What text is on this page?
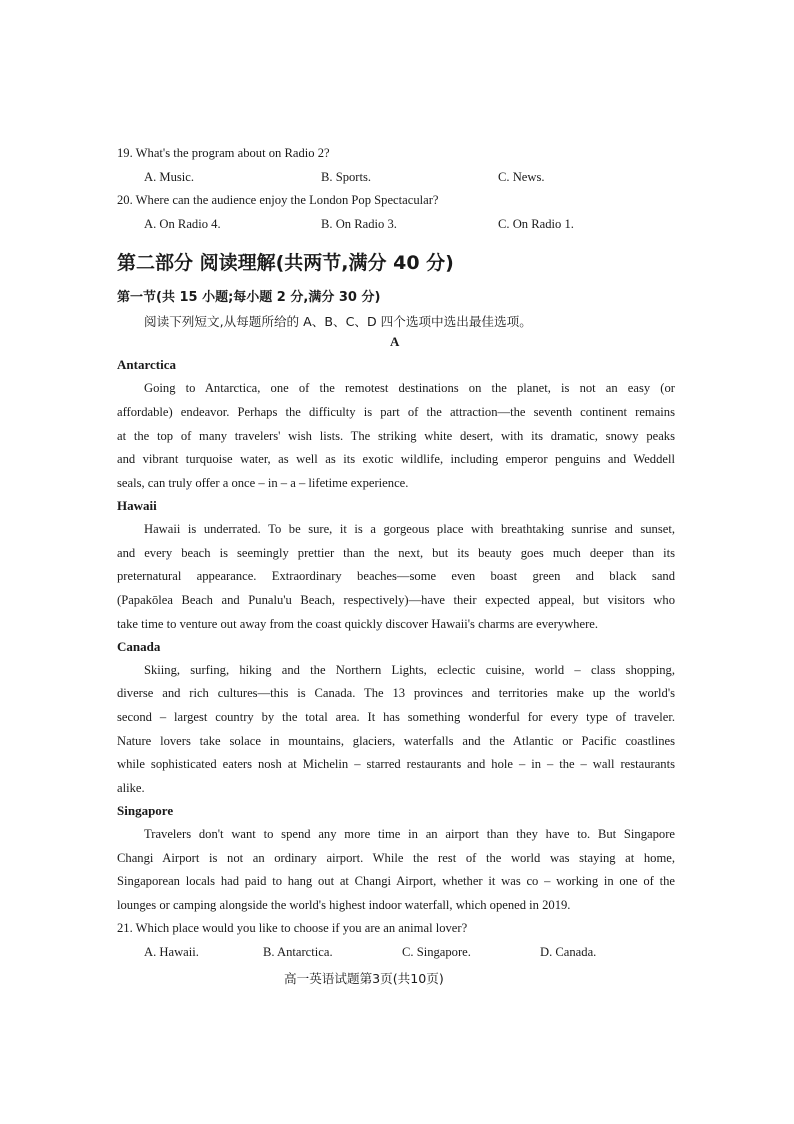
19. What's the program about on Radio 2?
A. Music.	B. Sports.	C. News.
20. Where can the audience enjoy the London Pop Spectacular?
A. On Radio 4.	B. On Radio 3.	C. On Radio 1.
第二部分 阅读理解(共两节,满分 40 分)
第一节(共 15 小题;每小题 2 分,满分 30 分)
阅读下列短文,从每题所给的 A、B、C、D 四个选项中选出最佳选项。
A
Antarctica
Going to Antarctica, one of the remotest destinations on the planet, is not an easy (or
affordable) endeavor. Perhaps the difficulty is part of the attraction—the seventh continent remains
at the top of many travelers' wish lists. The striking white desert, with its dramatic, snowy peaks
and vibrant turquoise water, as well as its exotic wildlife, including emperor penguins and Weddell
seals, can truly offer a once – in – a – lifetime experience.
Hawaii
Hawaii is underrated. To be sure, it is a gorgeous place with breathtaking sunrise and sunset,
and every beach is seemingly prettier than the next, but its beauty goes much deeper than its
preternatural appearance. Extraordinary beaches—some even boast green and black sand
(Papakōlea Beach and Punalu'u Beach, respectively)—have their expected appeal, but visitors who
take time to venture out away from the coast quickly discover Hawaii's charms are everywhere.
Canada
Skiing, surfing, hiking and the Northern Lights, eclectic cuisine, world – class shopping,
diverse and rich cultures—this is Canada. The 13 provinces and territories make up the world's
second – largest country by the total area. It has something wonderful for every type of traveler.
Nature lovers take solace in mountains, glaciers, waterfalls and the Atlantic or Pacific coastlines
while sophisticated eaters nosh at Michelin – starred restaurants and hole – in – the – wall restaurants
alike.
Singapore
Travelers don't want to spend any more time in an airport than they have to. But Singapore
Changi Airport is not an ordinary airport. While the rest of the world was staying at home,
Singaporean locals had paid to hang out at Changi Airport, whether it was co – working in one of the
lounges or camping alongside the world's highest indoor waterfall, which opened in 2019.
21. Which place would you like to choose if you are an animal lover?
A. Hawaii.	B. Antarctica.	C. Singapore.	D. Canada.
高一英语试题第3页(共10页)
